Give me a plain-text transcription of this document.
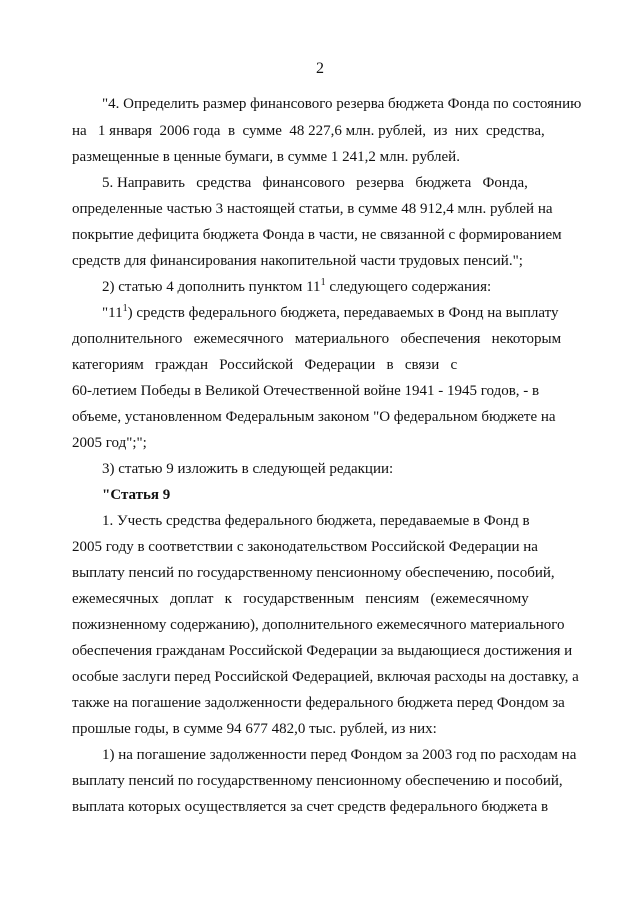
2
"4. Определить размер финансового резерва бюджета Фонда по состоянию
на   1 января  2006 года  в  сумме  48 227,6 млн. рублей,  из  них  средства,
размещенные в ценные бумаги, в сумме 1 241,2 млн. рублей.
5. Направить   средства   финансового   резерва   бюджета   Фонда,
определенные частью 3 настоящей статьи, в сумме 48 912,4 млн. рублей на
покрытие дефицита бюджета Фонда в части, не связанной с формированием
средств для финансирования накопительной части трудовых пенсий.";
2) статью 4 дополнить пунктом $11^1$ следующего содержания:
"$11^1$) средств федерального бюджета, передаваемых в Фонд на выплату
дополнительного   ежемесячного   материального   обеспечения   некоторым
категориям   граждан   Российской   Федерации   в   связи   с
60-летием Победы в Великой Отечественной войне 1941 - 1945 годов, - в
объеме, установленном Федеральным законом "О федеральном бюджете на
2005 год";";
3) статью 9 изложить в следующей редакции:
"Статья 9
1. Учесть средства федерального бюджета, передаваемые в Фонд в
2005 году в соответствии с законодательством Российской Федерации на
выплату пенсий по государственному пенсионному обеспечению, пособий,
ежемесячных   доплат   к   государственным   пенсиям   (ежемесячному
пожизненному содержанию), дополнительного ежемесячного материального
обеспечения гражданам Российской Федерации за выдающиеся достижения и
особые заслуги перед Российской Федерацией, включая расходы на доставку, а
также на погашение задолженности федерального бюджета перед Фондом за
прошлые годы, в сумме 94 677 482,0 тыс. рублей, из них:
1) на погашение задолженности перед Фондом за 2003 год по расходам на
выплату пенсий по государственному пенсионному обеспечению и пособий,
выплата которых осуществляется за счет средств федерального бюджета в
